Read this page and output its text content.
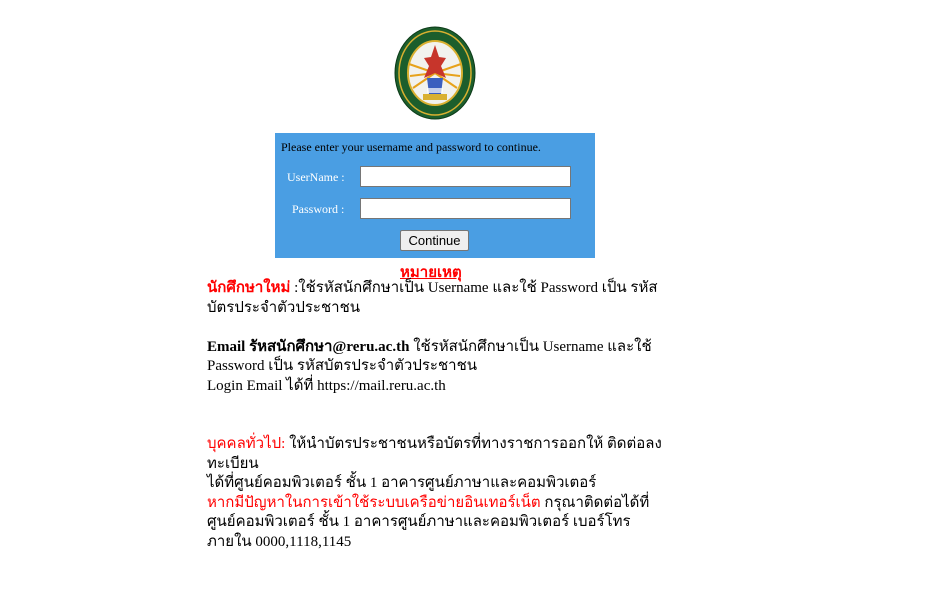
Please enter your username and password to continue.
UserName :
Password :
Continue
หมายเหตุ

นักศึกษาใหม่ :ใช้รหัสนักศึกษาเป็น Username และใช้ Password เป็น รหัสบัตรประจำตัวประชาชน

Email รัหสนักศึกษา@reru.ac.th ใช้รหัสนักศึกษาเป็น Username และใช้ Password เป็น รหัสบัตรประจำตัวประชาชน

Login Email ได้ที่ https://mail.reru.ac.th

บุคคลทั่วไป: ให้นำบัตรประชาชนหรือบัตรที่ทางราชการออกให้ ติดต่อลงทะเบียน

ได้ที่ศูนย์คอมพิวเตอร์ ชั้น 1 อาคารศูนย์ภาษาและคอมพิวเตอร์

หากมีปัญหาในการเข้าใช้ระบบเครือข่ายอินเทอร์เน็ต กรุณาติดต่อได้ที่ศูนย์คอมพิวเตอร์ ชั้น 1 อาคารศูนย์ภาษาและคอมพิวเตอร์ เบอร์โทรภายใน 0000,1118,1145
